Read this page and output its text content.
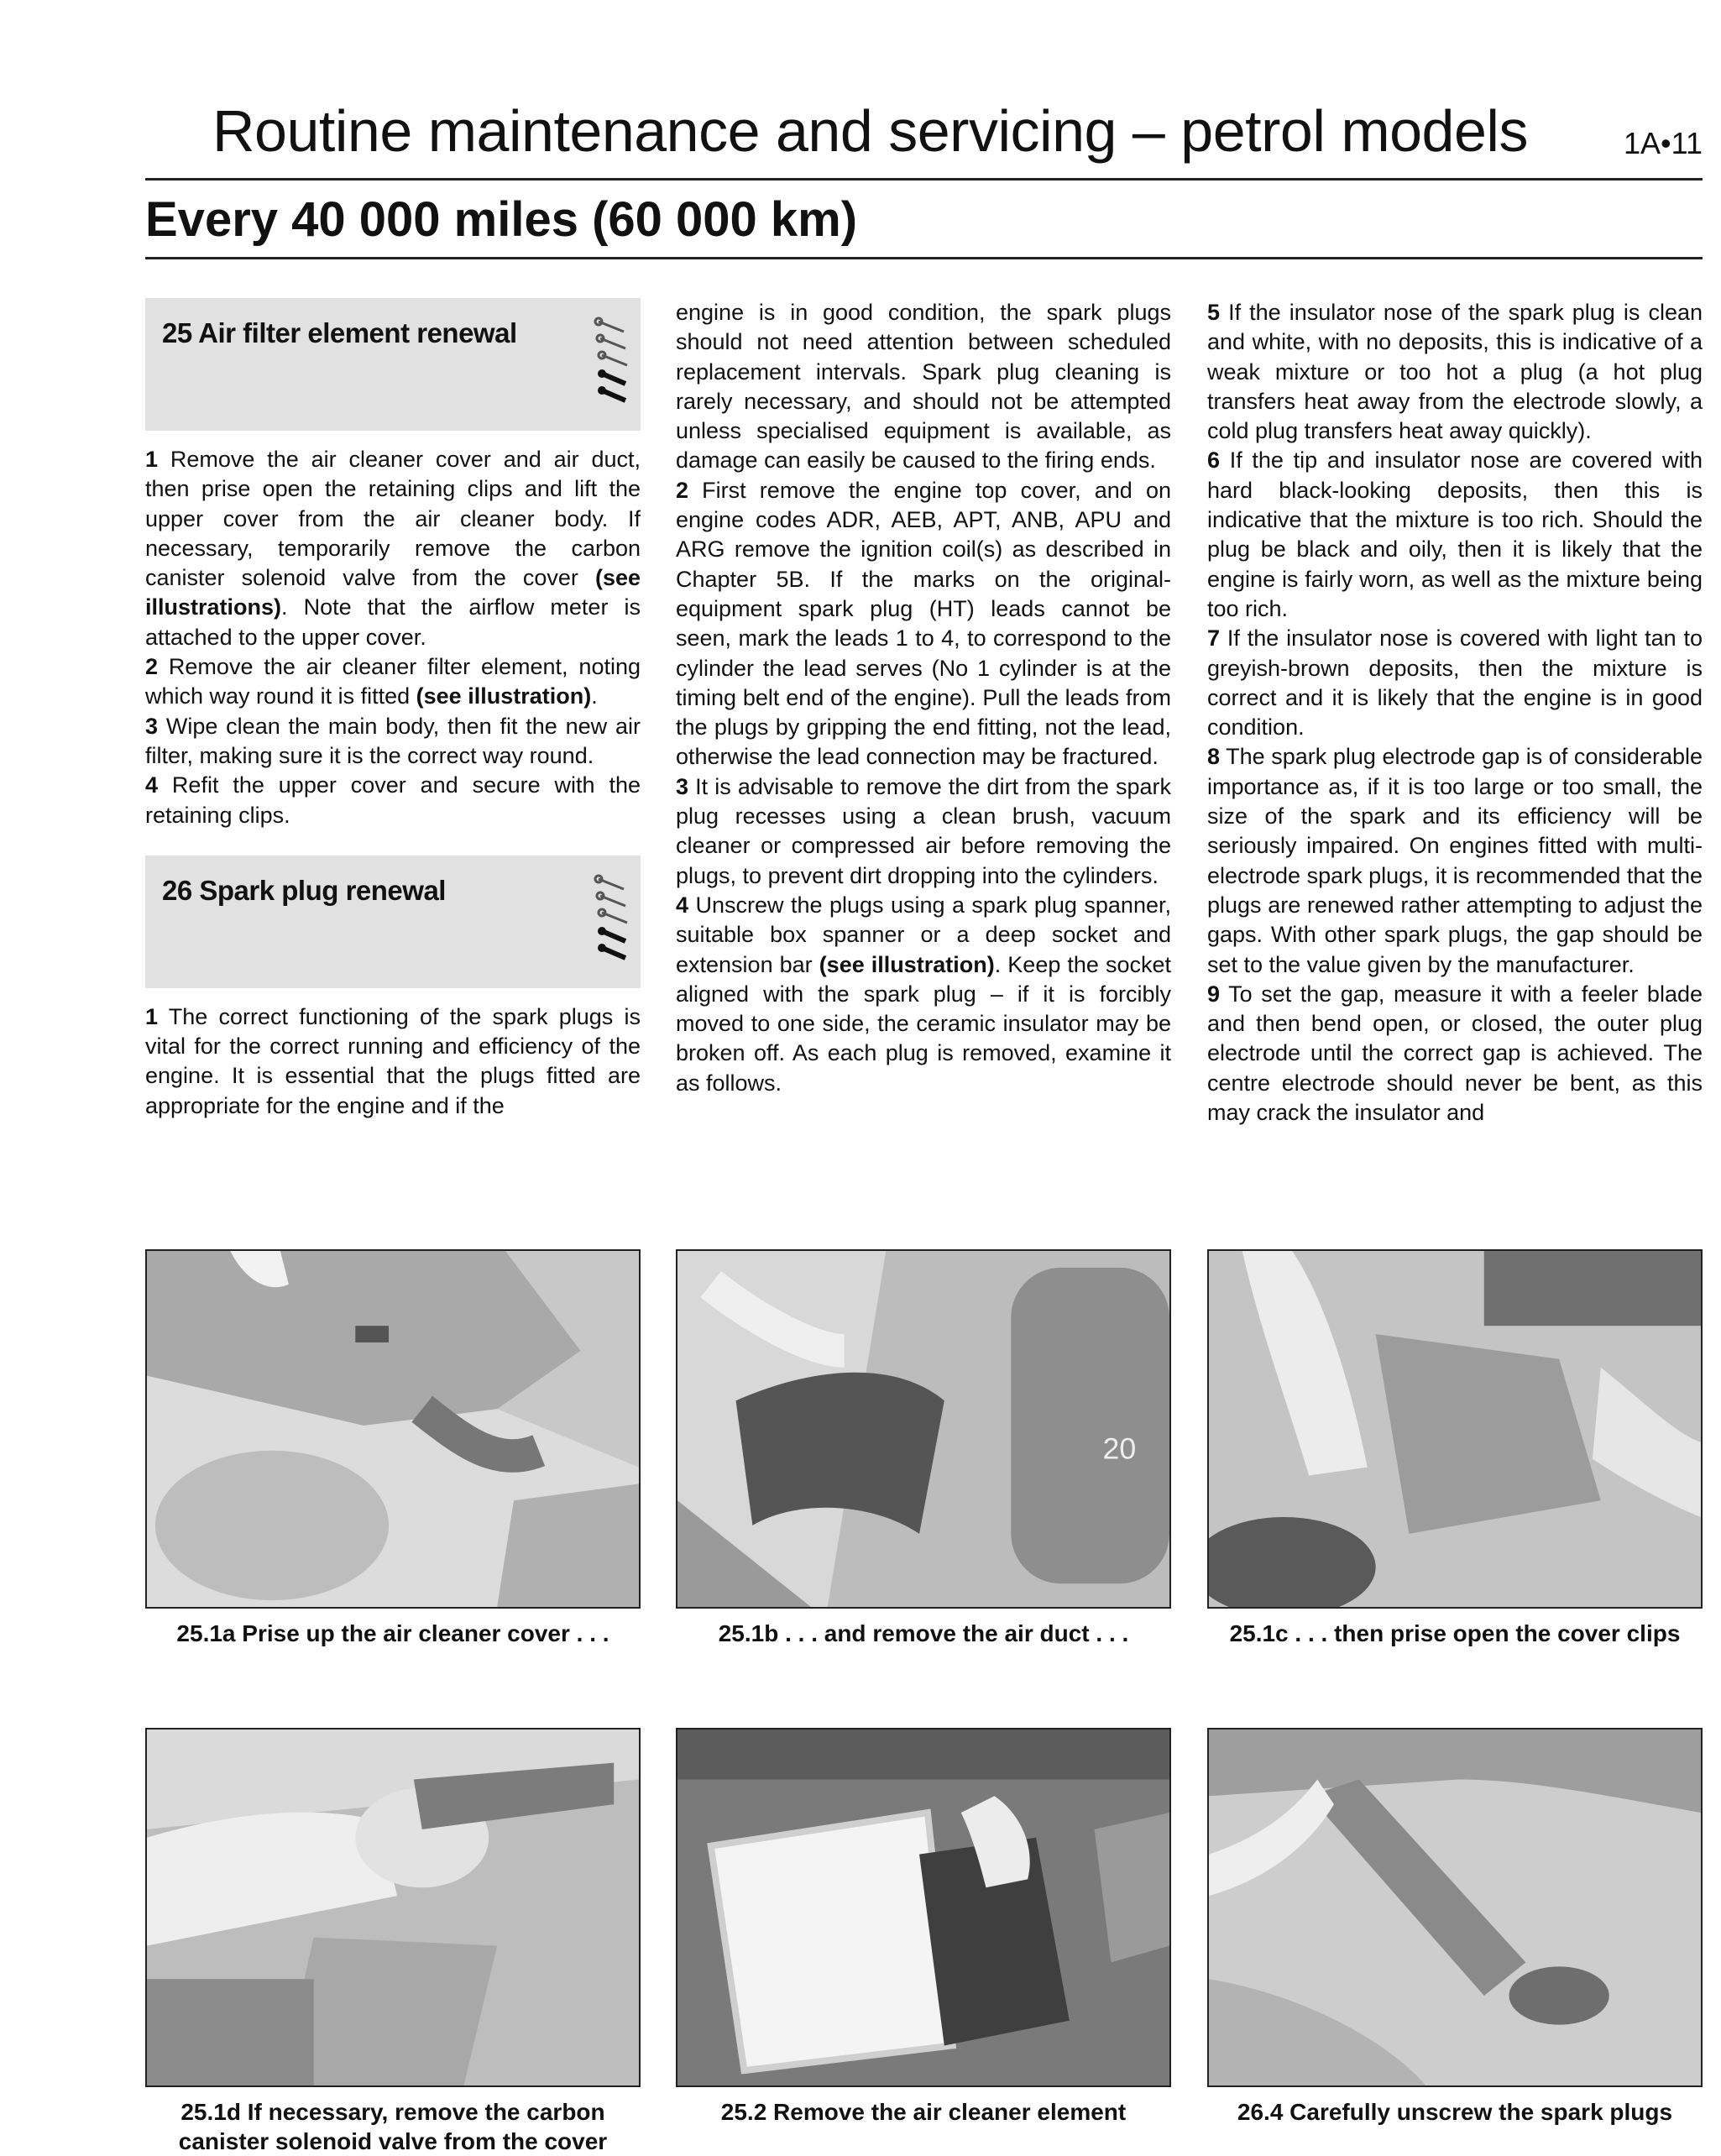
Routine maintenance and servicing – petrol models	1A•11
Every 40 000 miles (60 000 km)
25 Air filter element renewal

1 Remove the air cleaner cover and air duct, then prise open the retaining clips and lift the upper cover from the air cleaner body. If necessary, temporarily remove the carbon canister solenoid valve from the cover (see illustrations). Note that the airflow meter is attached to the upper cover.

2 Remove the air cleaner filter element, noting which way round it is fitted (see illustration).

3 Wipe clean the main body, then fit the new air filter, making sure it is the correct way round.

4 Refit the upper cover and secure with the retaining clips.

26 Spark plug renewal

1 The correct functioning of the spark plugs is vital for the correct running and efficiency of the engine. It is essential that the plugs fitted are appropriate for the engine and if the

engine is in good condition, the spark plugs should not need attention between scheduled replacement intervals. Spark plug cleaning is rarely necessary, and should not be attempted unless specialised equipment is available, as damage can easily be caused to the firing ends.

2 First remove the engine top cover, and on engine codes ADR, AEB, APT, ANB, APU and ARG remove the ignition coil(s) as described in Chapter 5B. If the marks on the original-equipment spark plug (HT) leads cannot be seen, mark the leads 1 to 4, to correspond to the cylinder the lead serves (No 1 cylinder is at the timing belt end of the engine). Pull the leads from the plugs by gripping the end fitting, not the lead, otherwise the lead connection may be fractured.

3 It is advisable to remove the dirt from the spark plug recesses using a clean brush, vacuum cleaner or compressed air before removing the plugs, to prevent dirt dropping into the cylinders.

4 Unscrew the plugs using a spark plug spanner, suitable box spanner or a deep socket and extension bar (see illustration). Keep the socket aligned with the spark plug – if it is forcibly moved to one side, the ceramic insulator may be broken off. As each plug is removed, examine it as follows.

5 If the insulator nose of the spark plug is clean and white, with no deposits, this is indicative of a weak mixture or too hot a plug (a hot plug transfers heat away from the electrode slowly, a cold plug transfers heat away quickly).

6 If the tip and insulator nose are covered with hard black-looking deposits, then this is indicative that the mixture is too rich. Should the plug be black and oily, then it is likely that the engine is fairly worn, as well as the mixture being too rich.

7 If the insulator nose is covered with light tan to greyish-brown deposits, then the mixture is correct and it is likely that the engine is in good condition.

8 The spark plug electrode gap is of considerable importance as, if it is too large or too small, the size of the spark and its efficiency will be seriously impaired. On engines fitted with multi-electrode spark plugs, it is recommended that the plugs are renewed rather attempting to adjust the gaps. With other spark plugs, the gap should be set to the value given by the manufacturer.

9 To set the gap, measure it with a feeler blade and then bend open, or closed, the outer plug electrode until the correct gap is achieved. The centre electrode should never be bent, as this may crack the insulator and

20
25.1a Prise up the air cleaner cover . . .	25.1b . . . and remove the air duct . . .	25.1c . . . then prise open the cover clips
25.1d If necessary, remove the carbon
canister solenoid valve from the cover
25.2 Remove the air cleaner element	26.4 Carefully unscrew the spark plugs
